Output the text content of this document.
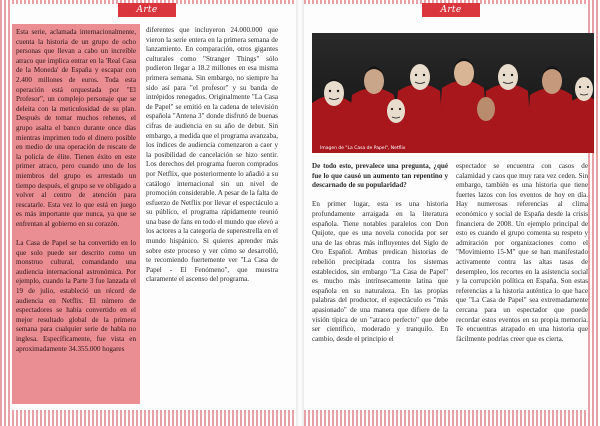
Arte

Esta serie, aclamada internacionalmente, cuenta la historia de un grupo de ocho personas que llevan a cabo un increíble atraco que implica entrar en la 'Real Casa de la Moneda' de España y escapar con 2.400 millones de euros. Toda esta operación está orquestada por "El Profesor", un complejo personaje que se deleita con la meticulosidad de su plan. Después de tomar muchos rehenes, el grupo asalta el banco durante once días mientras imprimen todo el dinero posible en medio de una operación de rescate de la policía de élite. Tienen éxito en este primer atraco, pero cuando uno de los miembros del grupo es arrestado un tiempo después, el grupo se ve obligado a volver al centro de atención para rescatarle. Esta vez lo que está en juego es más importante que nunca, ya que se enfrentan al gobierno en su corazón.

La Casa de Papel se ha convertido en lo que solo puede ser descrito como un monstruo cultural, comandando una audiencia internacional astronómica. Por ejemplo, cuando la Parte 3 fue lanzada el 19 de julio, estableció un récord de audiencia en Netflix. El número de espectadores se había convertido en el mejor resultado global de la primera semana para cualquier serie de habla no inglesa. Específicamente, fue vista en aproximadamente 34.355.000 hogares

diferentes que incluyeron 24.000.000 que vieron la serie entera en la primera semana de lanzamiento. En comparación, otros gigantes culturales como "Stranger Things" sólo pudieron llegar a 18.2 millones en esa misma primera semana. Sin embargo, no siempre ha sido así para "el profesor" y su banda de intrépidos renegados. Originalmente "La Casa de Papel" se emitió en la cadena de televisión española "Antena 3" donde disfrutó de buenas cifras de audiencia en su año de debut. Sin embargo, a medida que el programa avanzaba, los índices de audiencia comenzaron a caer y la posibilidad de cancelación se hizo sentir. Los derechos del programa fueron comprados por Netflix, que posteriormente lo añadió a su catálogo internacional sin un nivel de promoción considerable. A pesar de la falta de esfuerzo de Netflix por llevar el espectáculo a su público, el programa rápidamente reunió una base de fans en todo el mundo que elevó a los actores a la categoría de superestrella en el mundo hispánico. Si quieres aprender más sobre este proceso y ver cómo se desarrolló, te recomiendo fuertemente ver "La Casa de Papel - El Fenómeno", que muestra claramente el ascenso del programa.

Arte
Imagen de "La Casa de Papel", Netflix

De todo esto, prevalece una pregunta, ¿qué fue lo que causó un aumento tan repentino y descarnado de su popularidad?

En primer lugar, esta es una historia profundamente arraigada en la literatura española. Tiene notables paralelos con Don Quijote, que es una novela conocida por ser una de las obras más influyentes del Siglo de Oro Español. Ambas predican historias de rebelión precipitada contra los sistemas establecidos, sin embargo "La Casa de Papel" es mucho más intrínsecamente latina que española en su naturaleza. En las propias palabras del productor, el espectáculo es "más apasionado" de una manera que difiere de la visión típica de un "atraco perfecto" que debe ser científico, moderado y tranquilo. En cambio, desde el principio el

espectador se encuentra con casos de calamidad y caos que muy rara vez ceden. Sin embargo, también es una historia que tiene fuertes lazos con los eventos de hoy en día. Hay numerosas referencias al clima económico y social de España desde la crisis financiera de 2008. Un ejemplo principal de esto es cuando el grupo comenta su respeto y admiración por organizaciones como el "Movimiento 15-M" que se han manifestado activamente contra las altas tasas de desempleo, los recortes en la asistencia social y la corrupción política en España. Son estas referencias a la historia auténtica lo que hace que "La Casa de Papel" sea extremadamente cercana para un espectador que puede recordar estos eventos en su propia memoria. Te encuentras atrapado en una historia que fácilmente podrías creer que es cierta.
